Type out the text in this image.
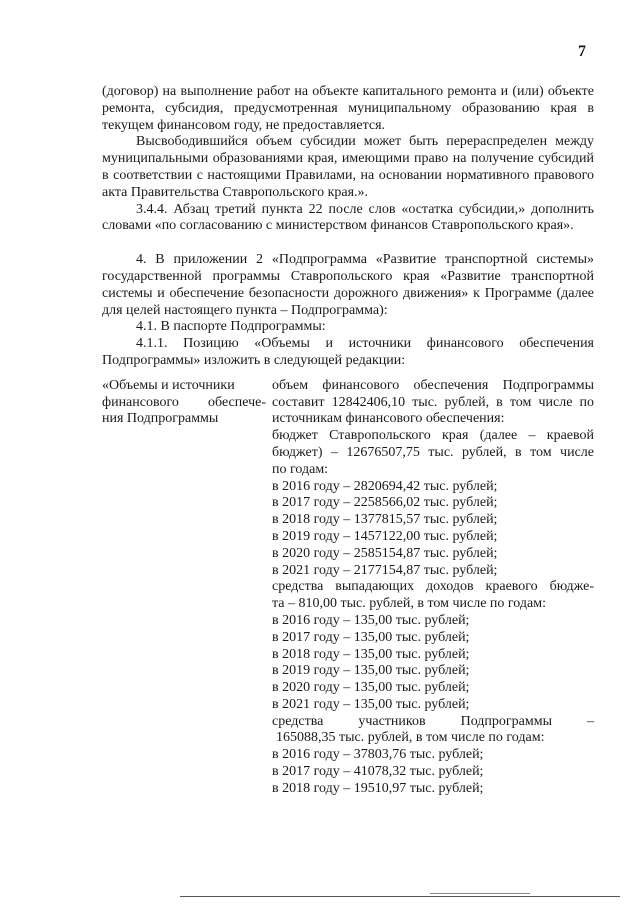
7

(договор) на выполнение работ на объекте капитального ремонта и (или) объекте ремонта, субсидия, предусмотренная муниципальному образованию края в текущем финансовом году, не предоставляется.

Высвободившийся объем субсидии может быть перераспределен между муниципальными образованиями края, имеющими право на получение субсидий в соответствии с настоящими Правилами, на основании нормативного правового акта Правительства Ставропольского края.».

3.4.4. Абзац третий пункта 22 после слов «остатка субсидии,» дополнить словами «по согласованию с министерством финансов Ставропольского края».

4. В приложении 2 «Подпрограмма «Развитие транспортной системы» государственной программы Ставропольского края «Развитие транспортной системы и обеспечение безопасности дорожного движения» к Программе (далее для целей настоящего пункта – Подпрограмма):

4.1. В паспорте Подпрограммы:

4.1.1. Позицию «Объемы и источники финансового обеспечения Подпрограммы» изложить в следующей редакции:

«Объемы и источники
финансового обеспече-
ния Подпрограммы
объем финансового обеспечения Подпрограммы
составит 12842406,10 тыс. рублей, в том числе по
источникам финансового обеспечения:
бюджет Ставропольского края (далее – краевой
бюджет) – 12676507,75 тыс. рублей, в том числе
по годам:
в 2016 году – 2820694,42 тыс. рублей;
в 2017 году – 2258566,02 тыс. рублей;
в 2018 году – 1377815,57 тыс. рублей;
в 2019 году – 1457122,00 тыс. рублей;
в 2020 году – 2585154,87 тыс. рублей;
в 2021 году – 2177154,87 тыс. рублей;
средства выпадающих доходов краевого бюдже-
та – 810,00 тыс. рублей, в том числе по годам:
в 2016 году – 135,00 тыс. рублей;
в 2017 году – 135,00 тыс. рублей;
в 2018 году – 135,00 тыс. рублей;
в 2019 году – 135,00 тыс. рублей;
в 2020 году – 135,00 тыс. рублей;
в 2021 году – 135,00 тыс. рублей;
средства участников Подпрограммы –
165088,35 тыс. рублей, в том числе по годам:
в 2016 году – 37803,76 тыс. рублей;
в 2017 году – 41078,32 тыс. рублей;
в 2018 году – 19510,97 тыс. рублей;
